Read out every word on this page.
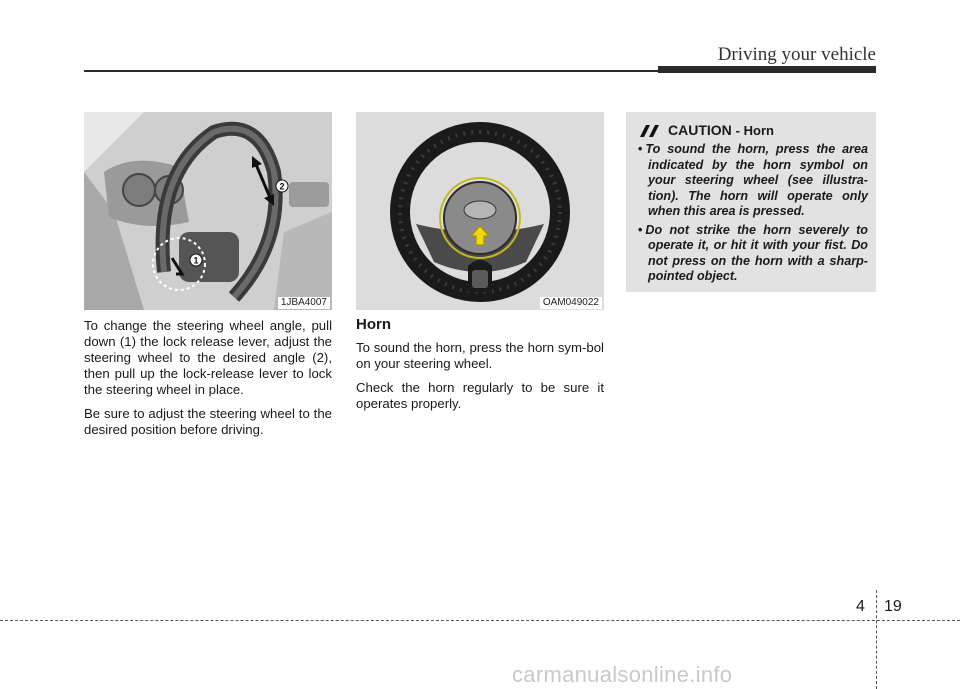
Driving your vehicle
1
2
1JBA4007	OAM049022

To change the steering wheel angle, pull down (1) the lock release lever, adjust the steering wheel to the desired angle (2), then pull up the lock-release lever to lock the steering wheel in place.

Be sure to adjust the steering wheel to the desired position before driving.

Horn

To sound the horn, press the horn sym-bol on your steering wheel.

Check the horn regularly to be sure it operates properly.

CAUTION - Horn
• To sound the horn, press the area indicated by the horn symbol on your steering wheel (see illustra-tion). The horn will operate only when this area is pressed.
• Do not strike the horn severely to operate it, or hit it with your fist. Do not press on the horn with a sharp-pointed object.
4 19
carmanualsonline.info
